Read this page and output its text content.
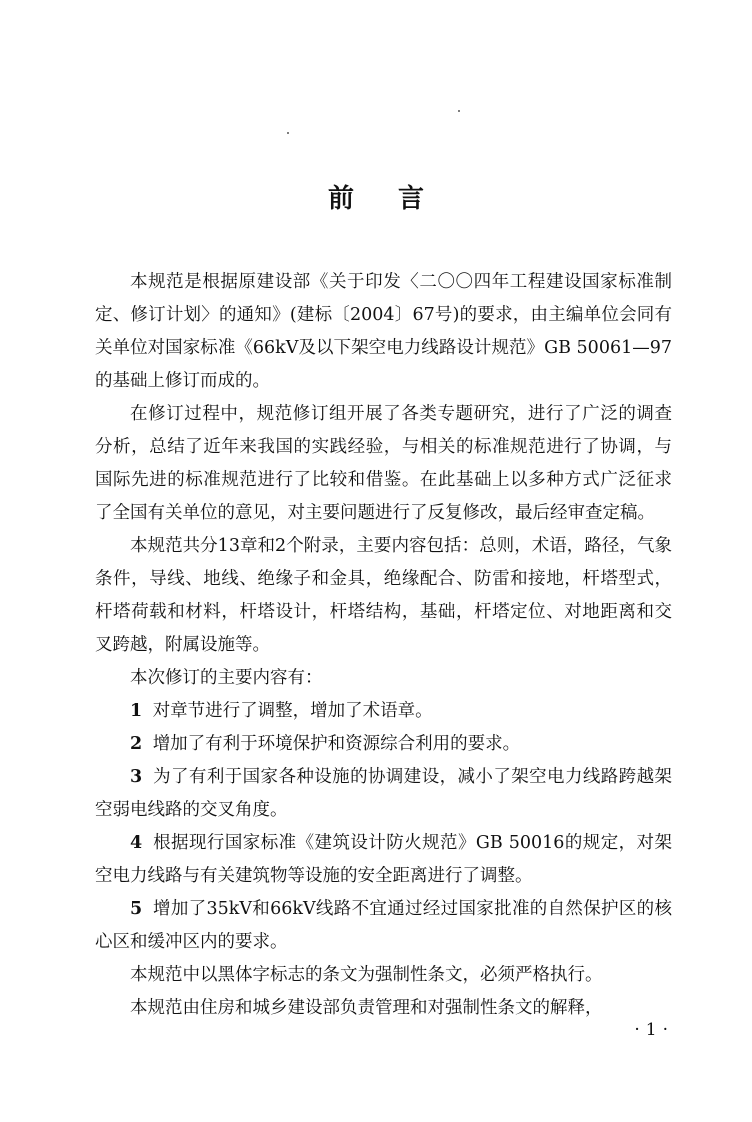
前言

本规范是根据原建设部《关于印发〈二〇〇四年工程建设国家标准制定、修订计划〉的通知》(建标〔2004〕67号)的要求，由主编单位会同有关单位对国家标准《66kV及以下架空电力线路设计规范》GB 50061—97的基础上修订而成的。

在修订过程中，规范修订组开展了各类专题研究，进行了广泛的调查分析，总结了近年来我国的实践经验，与相关的标准规范进行了协调，与国际先进的标准规范进行了比较和借鉴。在此基础上以多种方式广泛征求了全国有关单位的意见，对主要问题进行了反复修改，最后经审查定稿。

本规范共分13章和2个附录，主要内容包括：总则，术语，路径，气象条件，导线、地线、绝缘子和金具，绝缘配合、防雷和接地，杆塔型式，杆塔荷载和材料，杆塔设计，杆塔结构，基础，杆塔定位、对地距离和交叉跨越，附属设施等。

本次修订的主要内容有：

1 对章节进行了调整，增加了术语章。

2 增加了有利于环境保护和资源综合利用的要求。

3 为了有利于国家各种设施的协调建设，减小了架空电力线路跨越架空弱电线路的交叉角度。

4 根据现行国家标准《建筑设计防火规范》GB 50016的规定，对架空电力线路与有关建筑物等设施的安全距离进行了调整。

5 增加了35kV和66kV线路不宜通过经过国家批准的自然保护区的核心区和缓冲区内的要求。

本规范中以黑体字标志的条文为强制性条文，必须严格执行。

本规范由住房和城乡建设部负责管理和对强制性条文的解释，

·1·
